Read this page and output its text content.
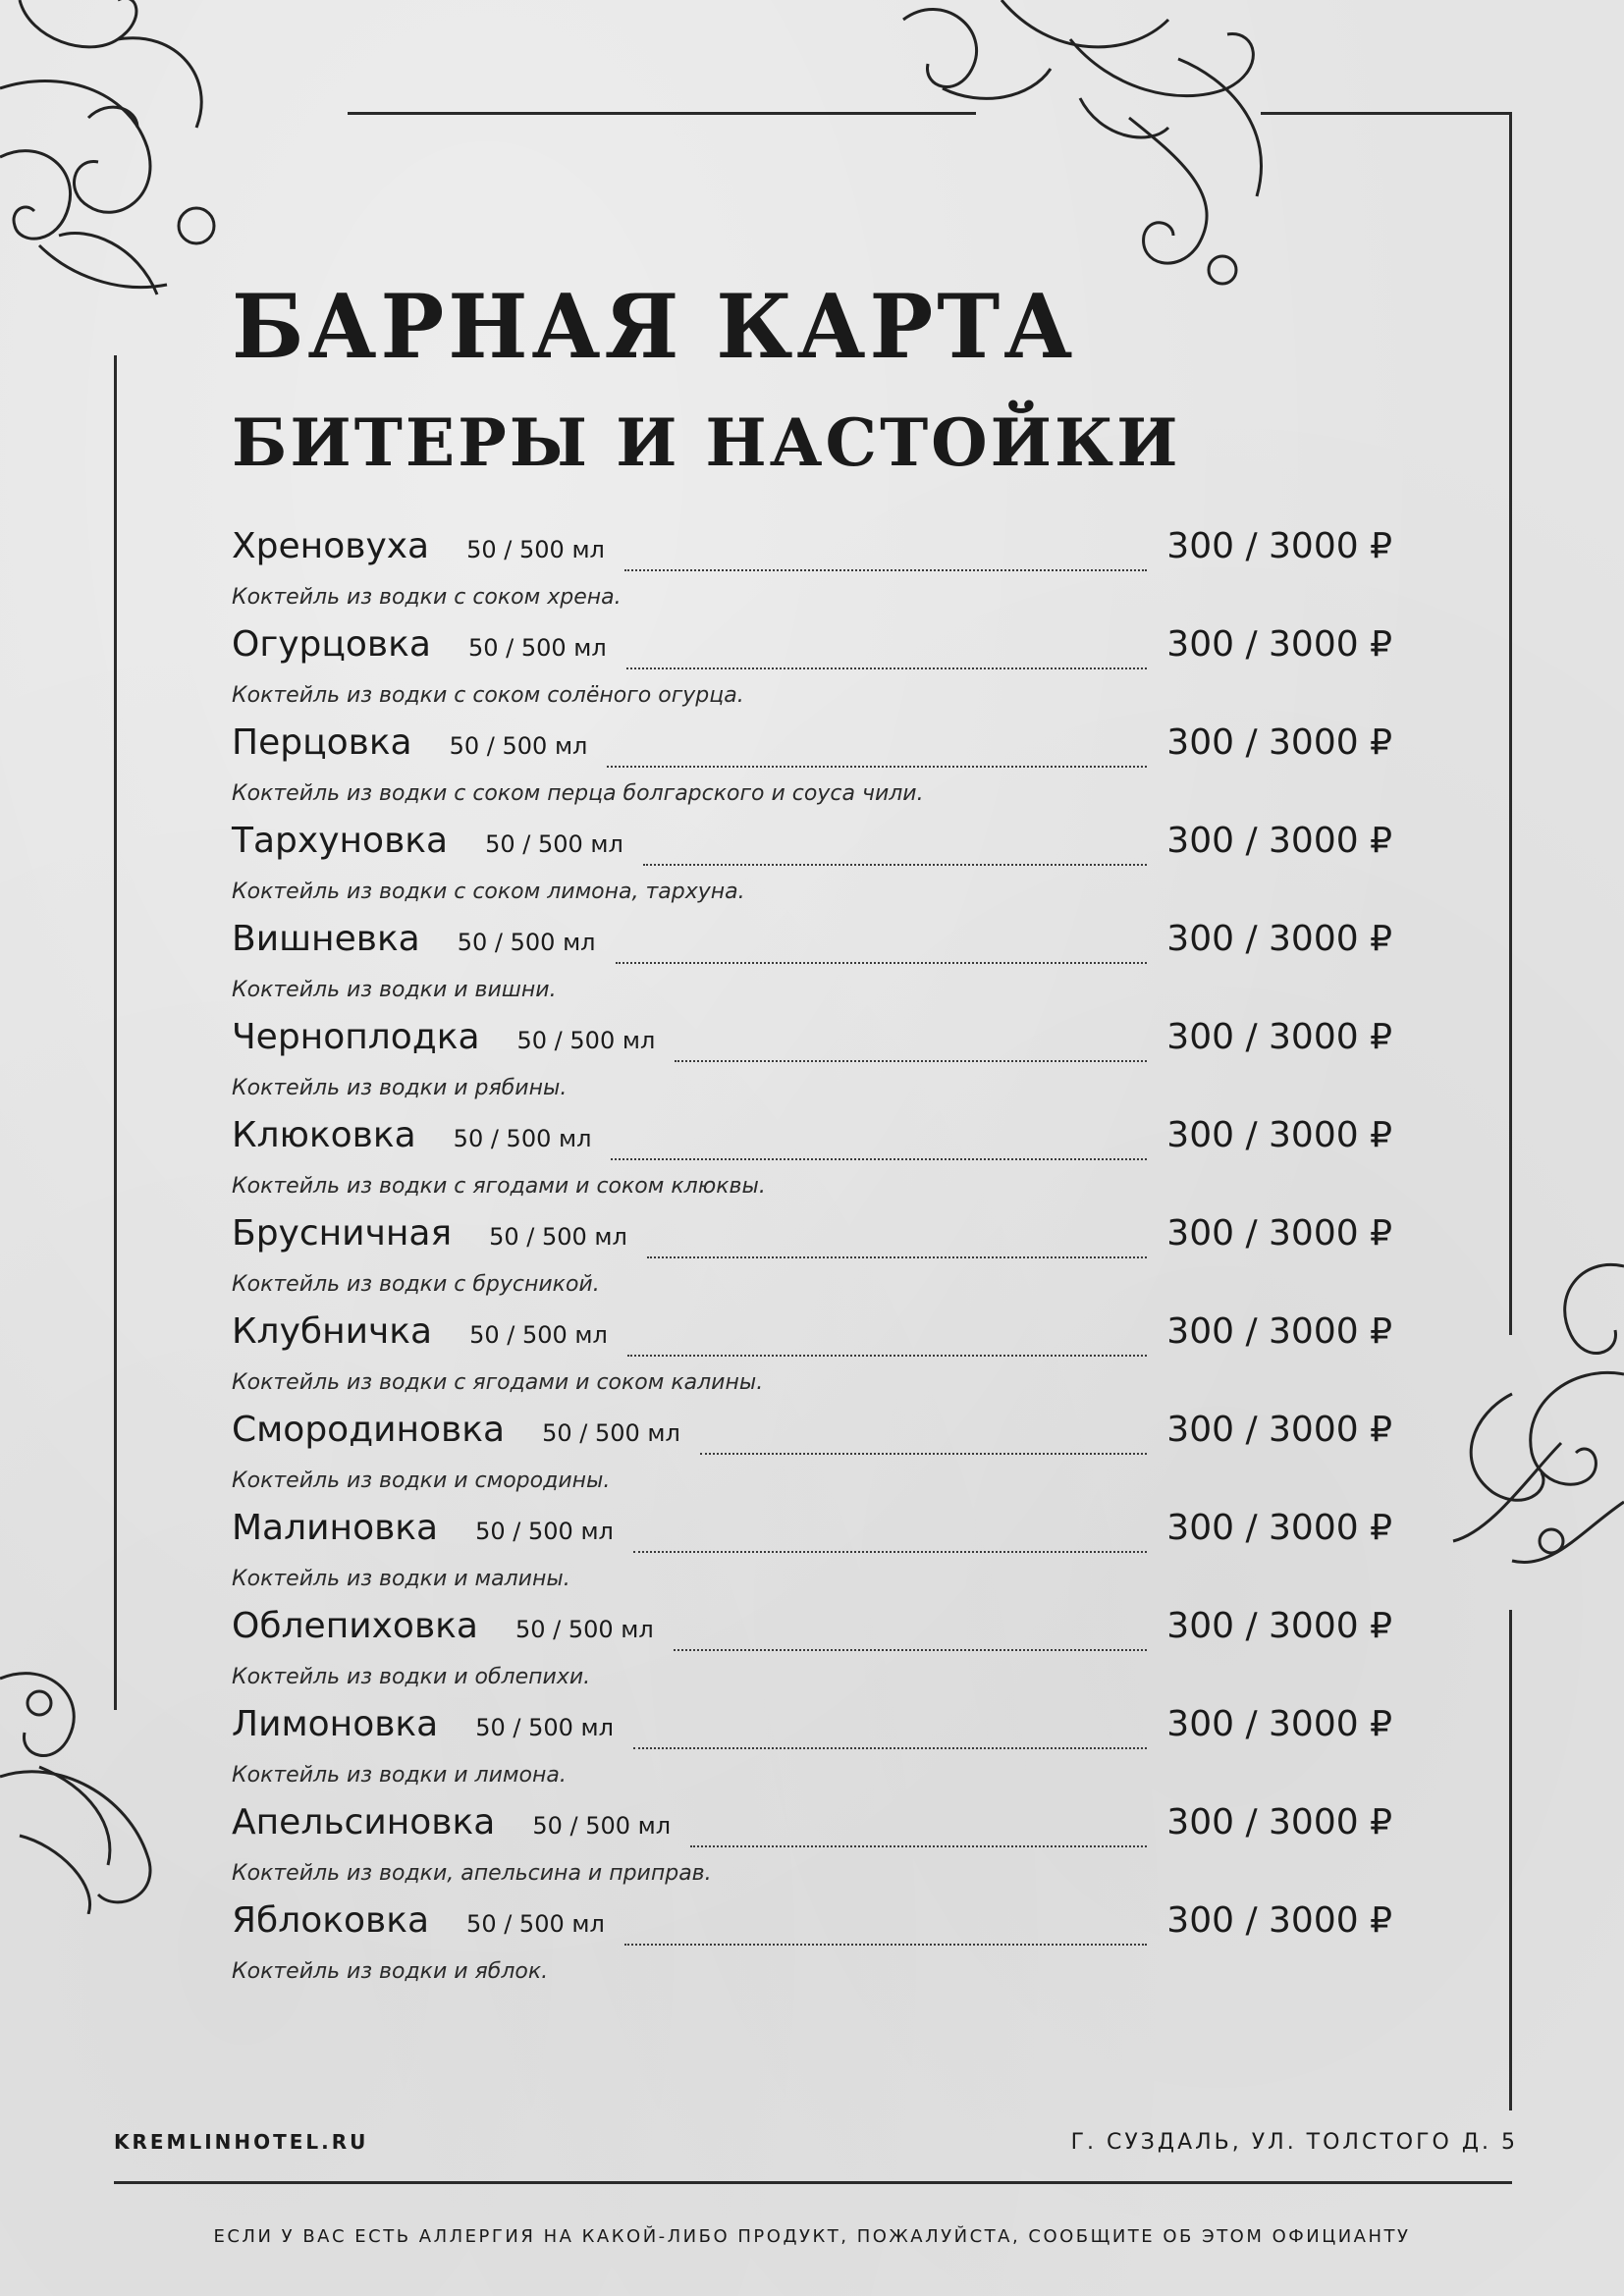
БАРНАЯ КАРТА
БИТЕРЫ И НАСТОЙКИ
Хреновуха 50 / 500 мл	300 / 3000 ₽
Коктейль из водки с соком хрена.
Огурцовка 50 / 500 мл	300 / 3000 ₽
Коктейль из водки с соком солёного огурца.
Перцовка 50 / 500 мл	300 / 3000 ₽
Коктейль из водки с соком перца болгарского и соуса чили.
Тархуновка 50 / 500 мл	300 / 3000 ₽
Коктейль из водки с соком лимона, тархуна.
Вишневка 50 / 500 мл	300 / 3000 ₽
Коктейль из водки и вишни.
Черноплодка 50 / 500 мл	300 / 3000 ₽
Коктейль из водки и рябины.
Клюковка 50 / 500 мл	300 / 3000 ₽
Коктейль из водки с ягодами и соком клюквы.
Брусничная 50 / 500 мл	300 / 3000 ₽
Коктейль из водки с брусникой.
Клубничка 50 / 500 мл	300 / 3000 ₽
Коктейль из водки с ягодами и соком калины.
Смородиновка 50 / 500 мл	300 / 3000 ₽
Коктейль из водки и смородины.
Малиновка 50 / 500 мл	300 / 3000 ₽
Коктейль из водки и малины.
Облепиховка 50 / 500 мл	300 / 3000 ₽
Коктейль из водки и облепихи.
Лимоновка 50 / 500 мл	300 / 3000 ₽
Коктейль из водки и лимона.
Апельсиновка 50 / 500 мл	300 / 3000 ₽
Коктейль из водки, апельсина и приправ.
Яблоковка 50 / 500 мл	300 / 3000 ₽
Коктейль из водки и яблок.
KREMLINHOTEL.RU	Г. СУЗДАЛЬ, УЛ. ТОЛСТОГО Д. 5
ЕСЛИ У ВАС ЕСТЬ АЛЛЕРГИЯ НА КАКОЙ-ЛИБО ПРОДУКТ, ПОЖАЛУЙСТА, СООБЩИТЕ ОБ ЭТОМ ОФИЦИАНТУ
